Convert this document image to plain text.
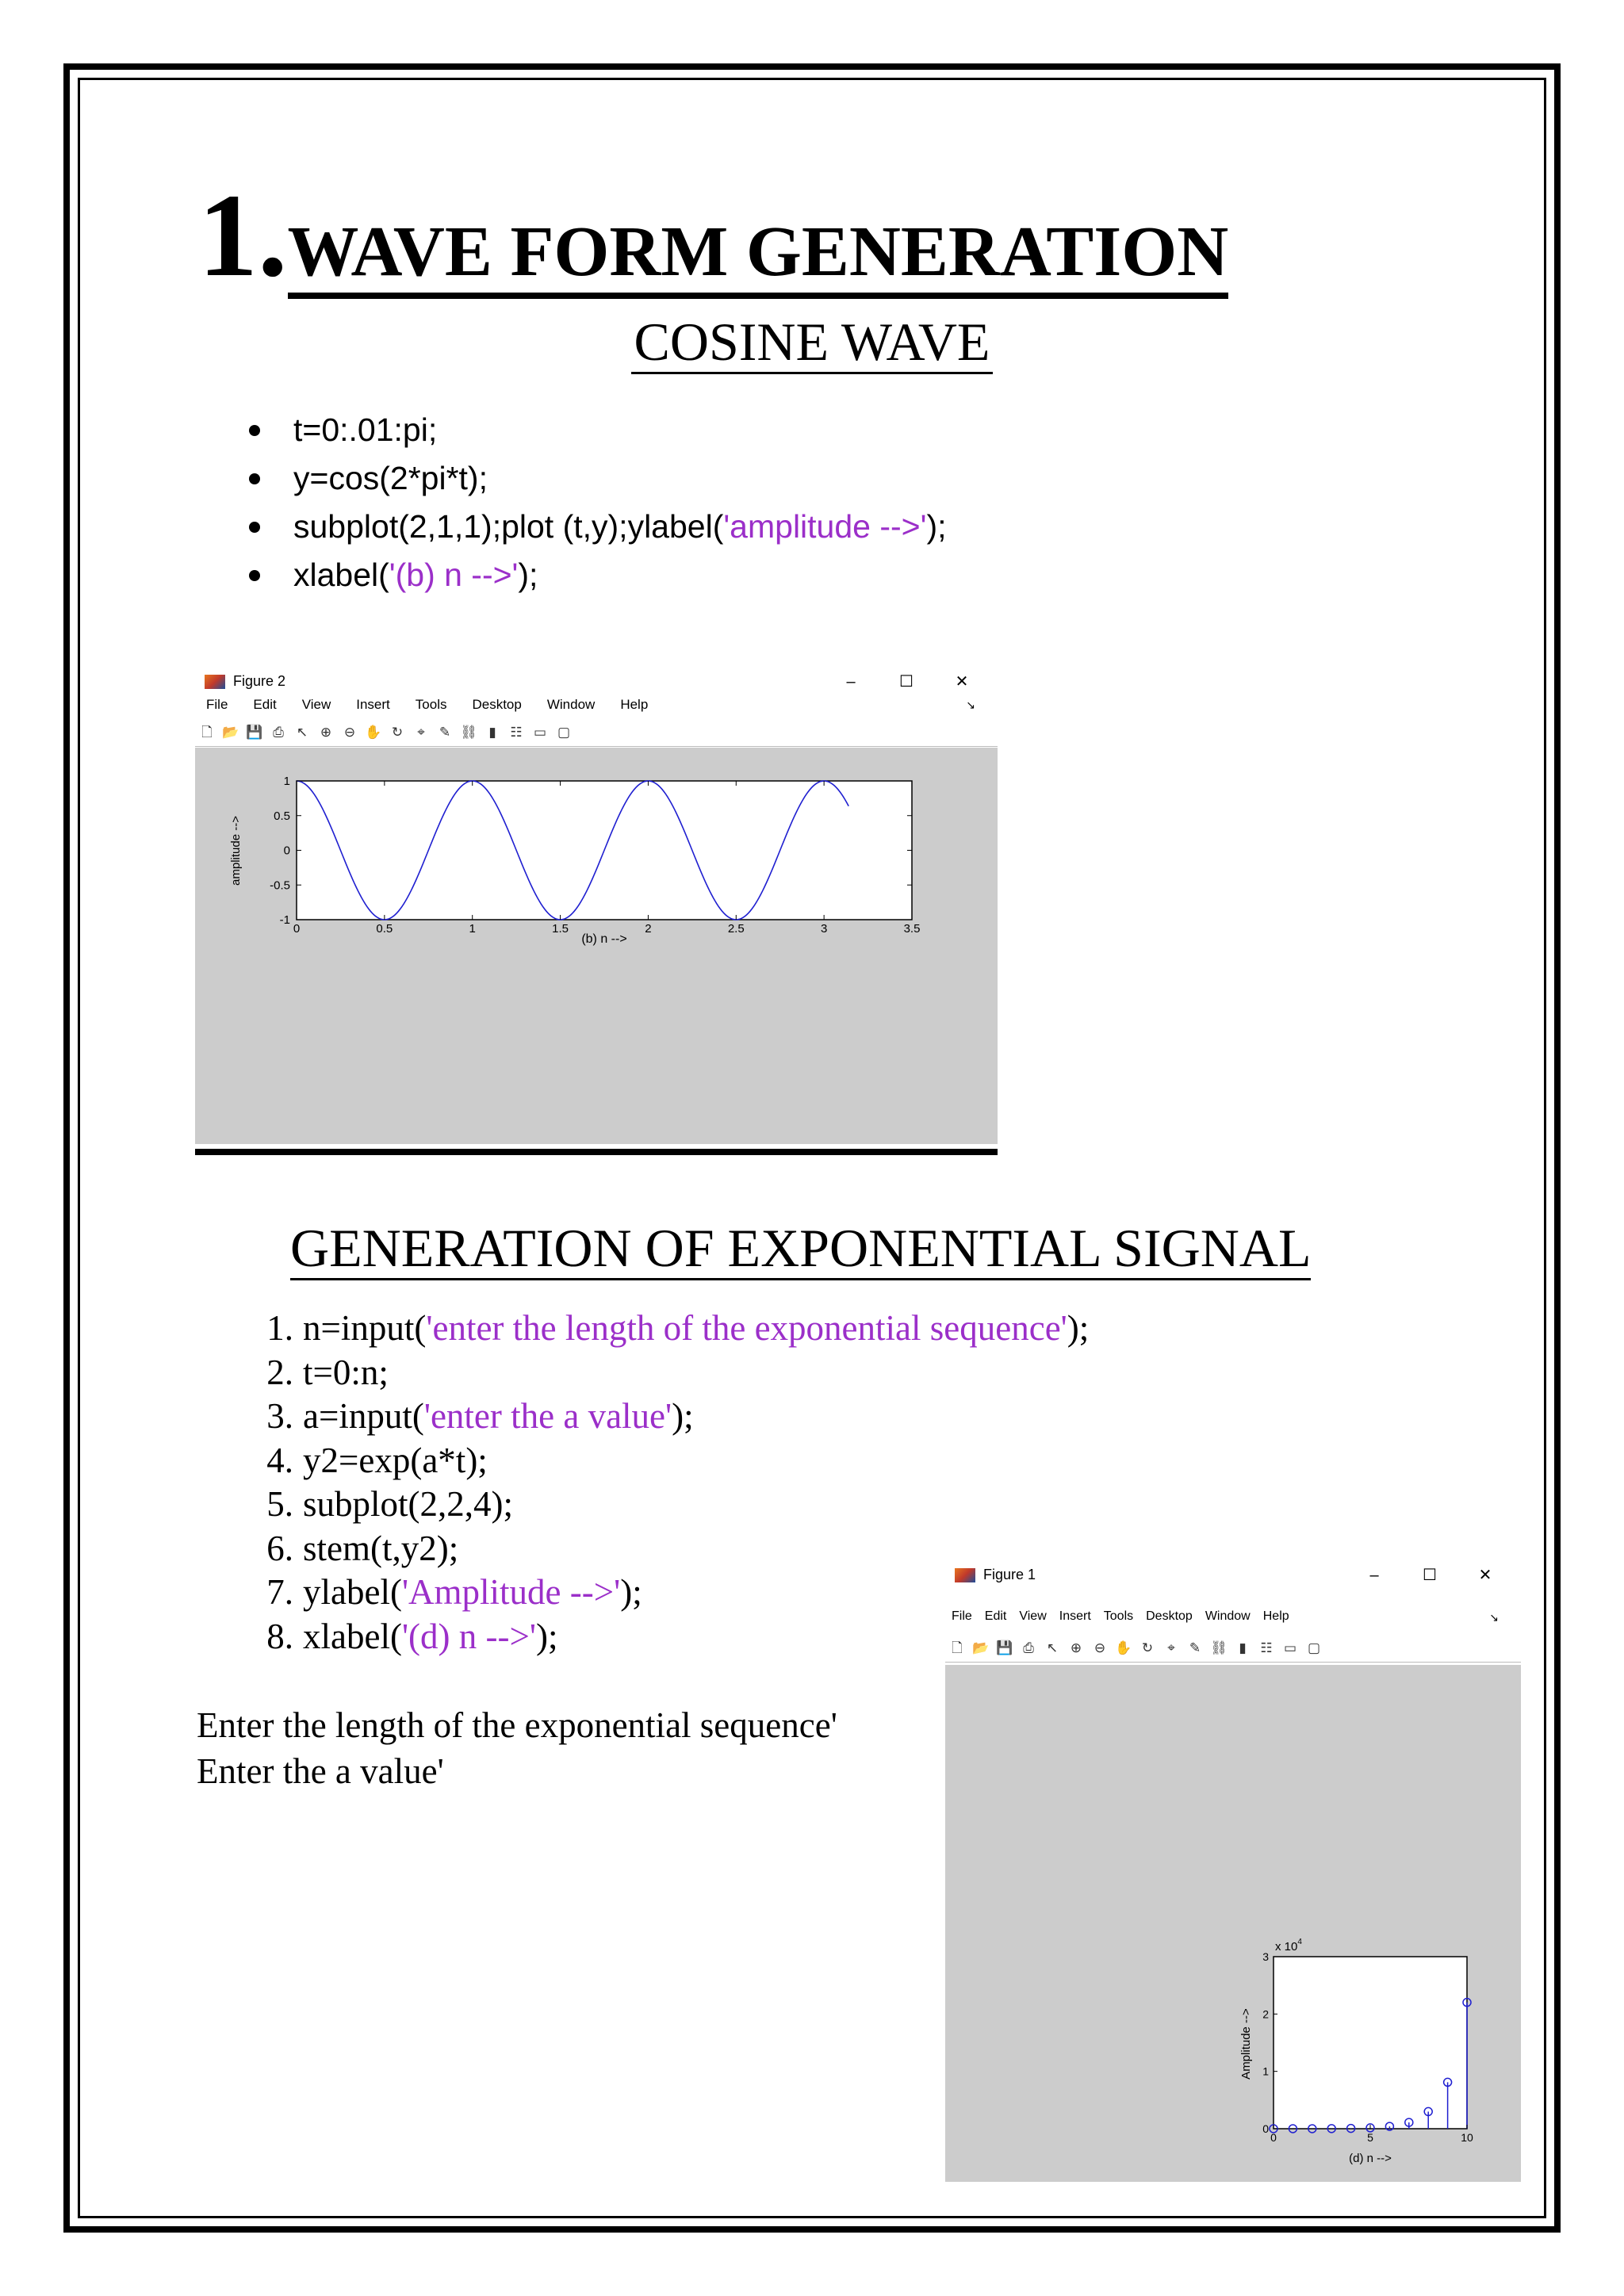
1.WAVE FORM GENERATION
COSINE WAVE
t=0:.01:pi;
y=cos(2*pi*t);
subplot(2,1,1);plot (t,y);ylabel('amplitude -->');
xlabel('(b) n -->');
Figure 2	–	☐	✕
File Edit View Insert Tools Desktop Window Help	↘
🗋 📂 💾 ⎙ ↖ ⊕ ⊖ ✋ ↻ ⌖ ✎ ⛓ ▮ ☷ ▭ ▢
0	0.5	1	1.5	2	2.5	3	3.5
-1
-0.5
0
0.5
1
(b) n -->
amplitude -->
GENERATION OF EXPONENTIAL SIGNAL
1. n=input('enter the length of the exponential sequence');
2. t=0:n;
3. a=input('enter the a value');
4. y2=exp(a*t);
5. subplot(2,2,4);
6. stem(t,y2);
7. ylabel('Amplitude -->');
8. xlabel('(d) n -->');
Enter the length of the exponential sequence'
Enter the a value'
Figure 1	–	☐	✕
File Edit View Insert Tools Desktop Window Help	↘
🗋 📂 💾 ⎙ ↖ ⊕ ⊖ ✋ ↻ ⌖ ✎ ⛓ ▮ ☷ ▭ ▢
0	5	10
0
1
2
3
x $10^4$
(d) n -->
Amplitude -->
